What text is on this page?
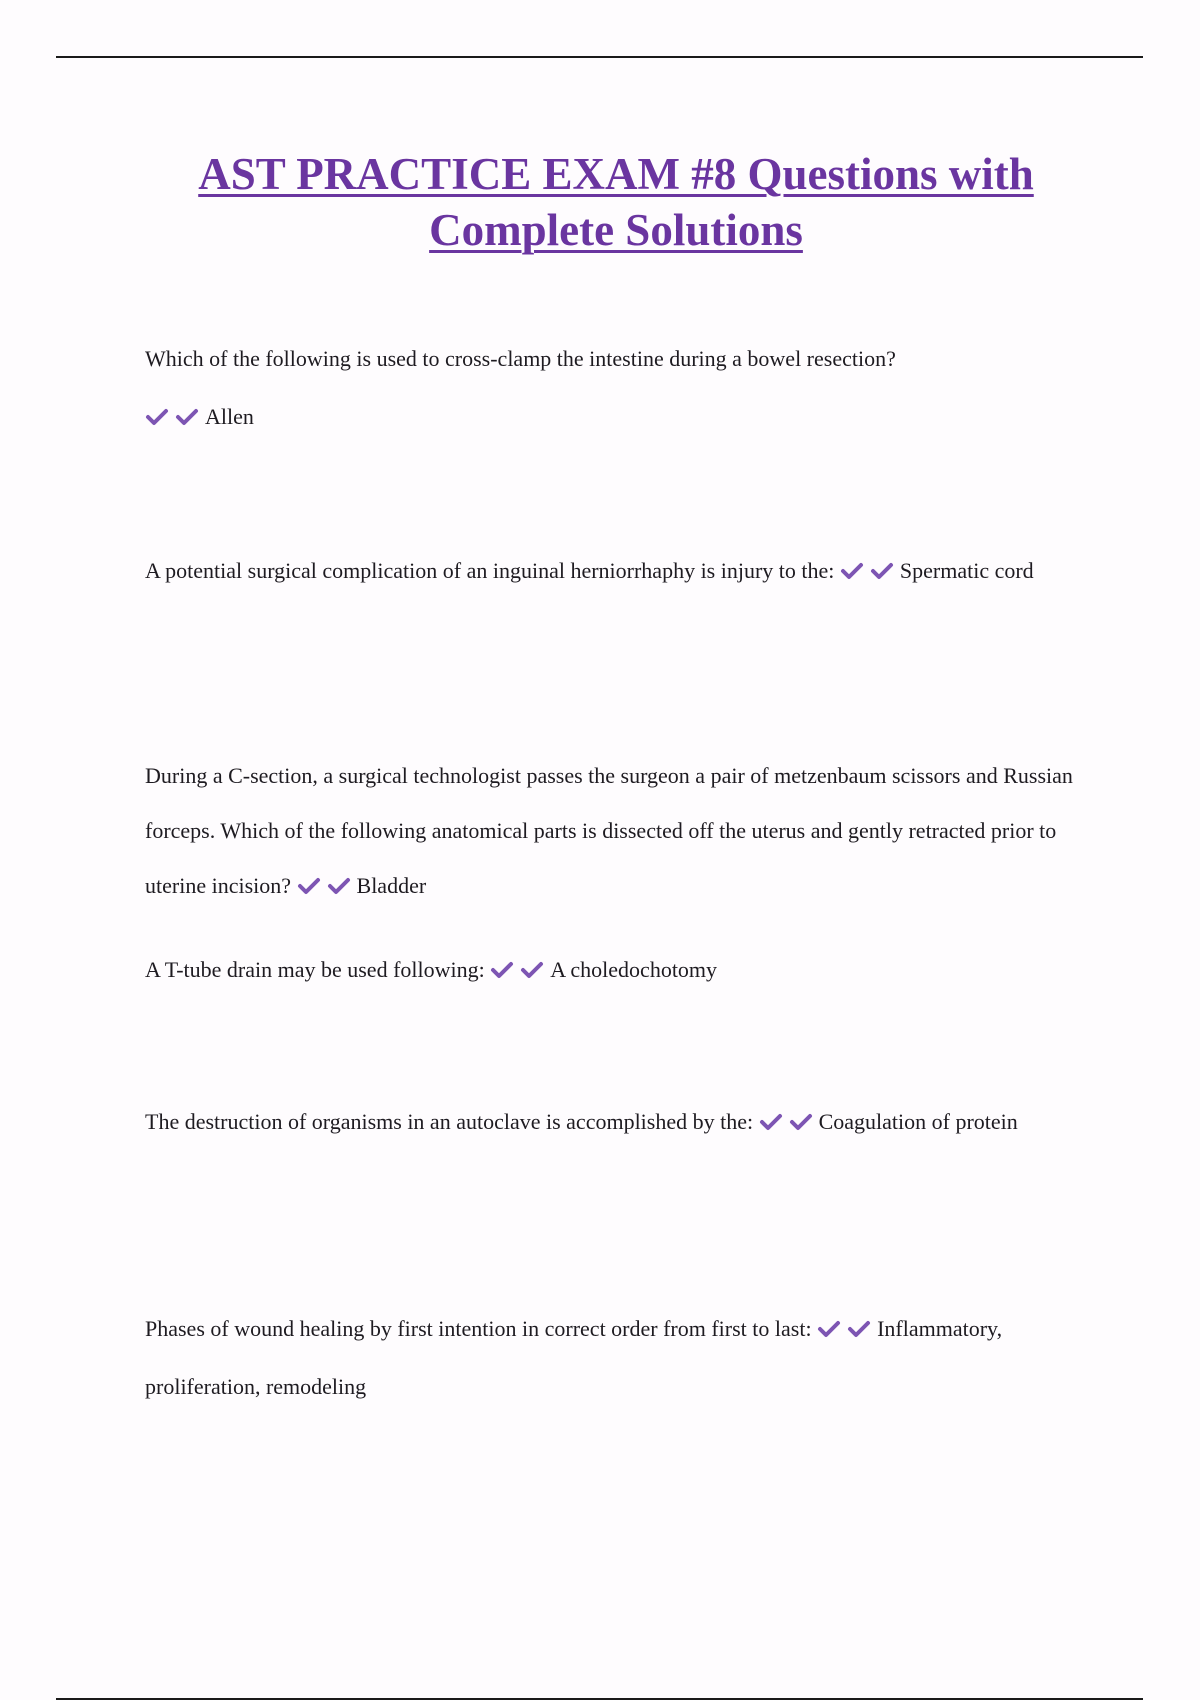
AST PRACTICE EXAM #8 Questions with
Complete Solutions

Which of the following is used to cross-clamp the intestine during a bowel resection?

Allen

A potential surgical complication of an inguinal herniorrhaphy is injury to the:	Spermatic cord

During a C-section, a surgical technologist passes the surgeon a pair of metzenbaum scissors and Russian forceps. Which of the following anatomical parts is dissected off the uterus and gently retracted prior to uterine incision?	Bladder

A T-tube drain may be used following:	A choledochotomy

The destruction of organisms in an autoclave is accomplished by the:	Coagulation of protein

Phases of wound healing by first intention in correct order from first to last:	Inflammatory, proliferation, remodeling
